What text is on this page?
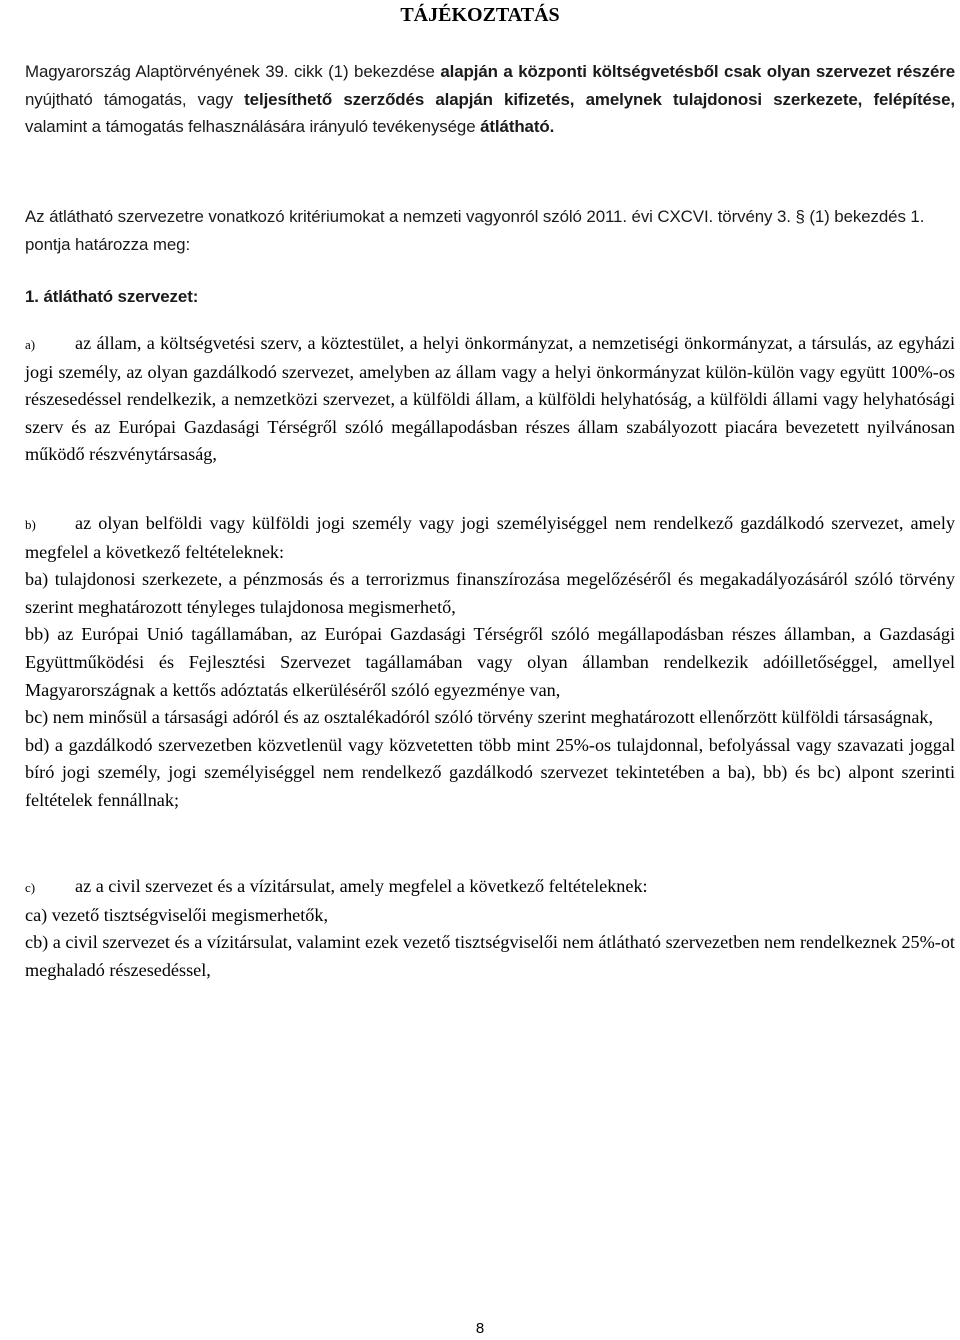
TÁJÉKOZTATÁS
Magyarország Alaptörvényének 39. cikk (1) bekezdése alapján a központi költségvetésből csak olyan szervezet részére nyújtható támogatás, vagy teljesíthető szerződés alapján kifizetés, amelynek tulajdonosi szerkezete, felépítése, valamint a támogatás felhasználására irányuló tevékenysége átlátható.
Az átlátható szervezetre vonatkozó kritériumokat a nemzeti vagyonról szóló 2011. évi CXCVI. törvény 3. § (1) bekezdés 1. pontja határozza meg:
1. átlátható szervezet:
a) az állam, a költségvetési szerv, a köztestület, a helyi önkormányzat, a nemzetiségi önkormányzat, a társulás, az egyházi jogi személy, az olyan gazdálkodó szervezet, amelyben az állam vagy a helyi önkormányzat külön-külön vagy együtt 100%-os részesedéssel rendelkezik, a nemzetközi szervezet, a külföldi állam, a külföldi helyhatóság, a külföldi állami vagy helyhatósági szerv és az Európai Gazdasági Térségről szóló megállapodásban részes állam szabályozott piacára bevezetett nyilvánosan működő részvénytársaság,
b) az olyan belföldi vagy külföldi jogi személy vagy jogi személyiséggel nem rendelkező gazdálkodó szervezet, amely megfelel a következő feltételeknek:
ba) tulajdonosi szerkezete, a pénzmosás és a terrorizmus finanszírozása megelőzéséről és megakadályozásáról szóló törvény szerint meghatározott tényleges tulajdonosa megismerhető,
bb) az Európai Unió tagállamában, az Európai Gazdasági Térségről szóló megállapodásban részes államban, a Gazdasági Együttműködési és Fejlesztési Szervezet tagállamában vagy olyan államban rendelkezik adóilletőséggel, amellyel Magyarországnak a kettős adóztatás elkerüléséről szóló egyezménye van,
bc) nem minősül a társasági adóról és az osztalékadóról szóló törvény szerint meghatározott ellenőrzött külföldi társaságnak,
bd) a gazdálkodó szervezetben közvetlenül vagy közvetetten több mint 25%-os tulajdonnal, befolyással vagy szavazati joggal bíró jogi személy, jogi személyiséggel nem rendelkező gazdálkodó szervezet tekintetében a ba), bb) és bc) alpont szerinti feltételek fennállnak;
c) az a civil szervezet és a vízitársulat, amely megfelel a következő feltételeknek:
ca) vezető tisztségviselői megismerhetők,
cb) a civil szervezet és a vízitársulat, valamint ezek vezető tisztségviselői nem átlátható szervezetben nem rendelkeznek 25%-ot meghaladó részesedéssel,
8
